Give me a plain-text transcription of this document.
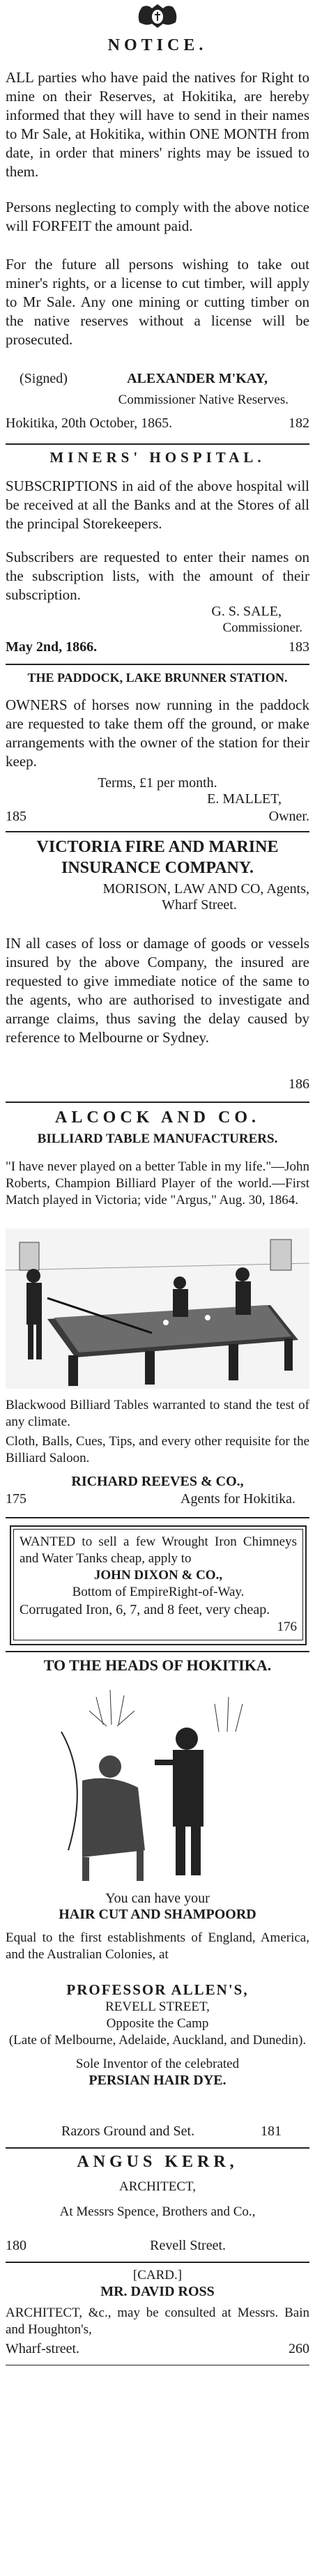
NOTICE.

ALL parties who have paid the natives for Right to mine on their Reserves, at Hokitika, are hereby informed that they will have to send in their names to Mr Sale, at Hokitika, within ONE MONTH from date, in order that miners' rights may be issued to them.

Persons neglecting to comply with the above notice will FORFEIT the amount paid.

For the future all persons wishing to take out miner's rights, or a license to cut timber, will apply to Mr Sale. Any one mining or cutting timber on the native reserves without a license will be prosecuted.

(Signed)	ALEXANDER M'KAY,
Commissioner Native Reserves.
Hokitika, 20th October, 1865.	182
MINERS' HOSPITAL.

SUBSCRIPTIONS in aid of the above hospital will be received at all the Banks and at the Stores of all the principal Storekeepers.

Subscribers are requested to enter their names on the subscription lists, with the amount of their subscription.

G. S. SALE,
Commissioner.
May 2nd, 1866.	183
THE PADDOCK, LAKE BRUNNER STATION.

OWNERS of horses now running in the paddock are requested to take them off the ground, or make arrangements with the owner of the station for their keep.

Terms, £1 per month.
E. MALLET,
185	Owner.
VICTORIA FIRE AND MARINE
INSURANCE COMPANY.
MORISON, LAW AND CO, Agents,
Wharf Street.

IN all cases of loss or damage of goods or vessels insured by the above Company, the insured are requested to give immediate notice of the same to the agents, who are authorised to investigate and arrange claims, thus saving the delay caused by reference to Melbourne or Sydney.

186
ALCOCK AND CO.
BILLIARD TABLE MANUFACTURERS.

"I have never played on a better Table in my life."—John Roberts, Champion Billiard Player of the world.—First Match played in Victoria; vide "Argus," Aug. 30, 1864.

Blackwood Billiard Tables warranted to stand the test of any climate.

Cloth, Balls, Cues, Tips, and every other requisite for the Billiard Saloon.

RICHARD REEVES & CO.,
175	Agents for Hokitika.

WANTED to sell a few Wrought Iron Chimneys and Water Tanks cheap, apply to

JOHN DIXON & CO.,
Bottom of EmpireRight-of-Way.
Corrugated Iron, 6, 7, and 8 feet, very cheap.
176
TO THE HEADS OF HOKITIKA.
You can have your
HAIR CUT AND SHAMPOORD

Equal to the first establishments of England, America, and the Australian Colonies, at

PROFESSOR ALLEN'S,
REVELL STREET,
Opposite the Camp
(Late of Melbourne, Adelaide, Auckland, and Dunedin).
Sole Inventor of the celebrated
PERSIAN HAIR DYE.
Razors Ground and Set.	181
ANGUS KERR,
ARCHITECT,
At Messrs Spence, Brothers and Co.,
180	Revell Street.
[CARD.]
MR. DAVID ROSS

ARCHITECT, &c., may be consulted at Messrs. Bain and Houghton's,

Wharf-street.	260
